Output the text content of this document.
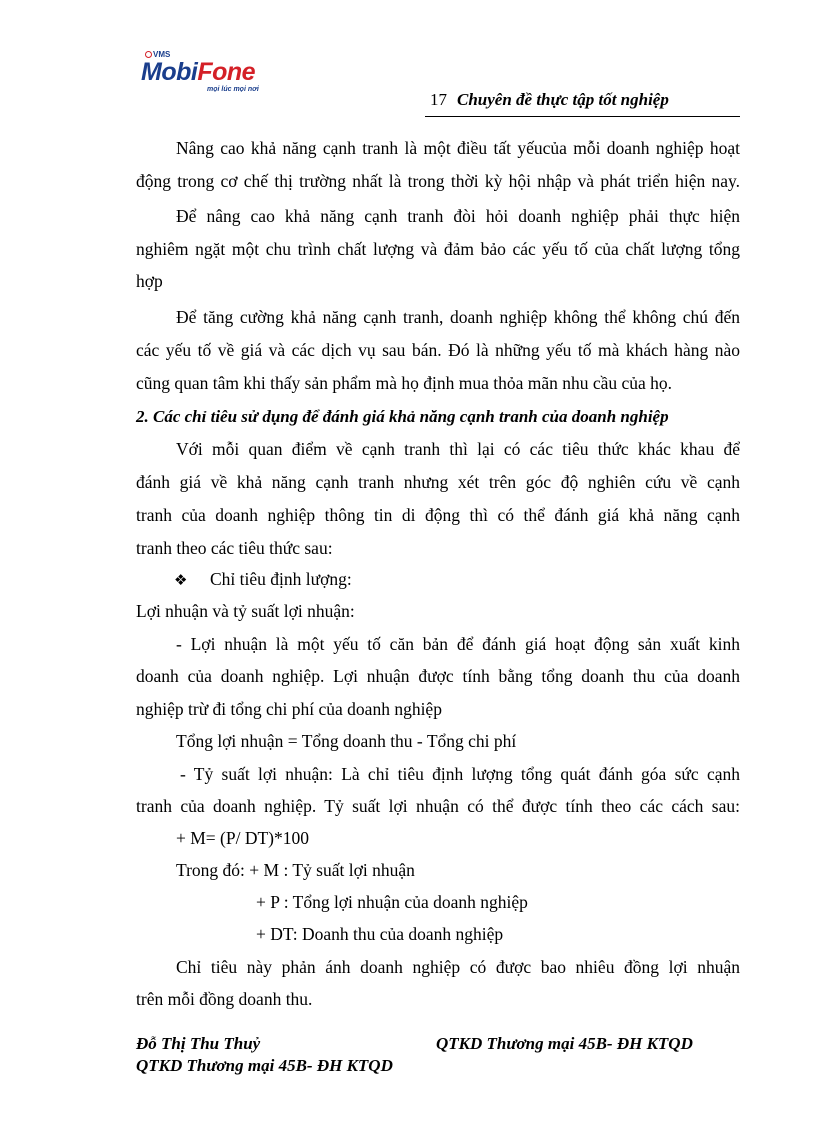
VMS
MobiFone
mọi lúc mọi nơi
17 Chuyên đề thực tập tốt nghiệp
Nâng cao khả năng cạnh tranh là một điều tất yếucủa mỗi doanh nghiệp hoạt
động trong cơ chế thị trường nhất là trong thời kỳ hội nhập và phát triển hiện nay.
Để nâng cao khả năng cạnh tranh đòi hỏi doanh nghiệp phải thực hiện
nghiêm ngặt một chu trình chất lượng và đảm bảo các yếu tố của chất lượng tổng
hợp
Để tăng cường khả năng cạnh tranh, doanh nghiệp không thể không chú đến
các yếu tố về giá và các dịch vụ sau bán. Đó là những yếu tố mà khách hàng nào
cũng quan tâm khi thấy sản phẩm mà họ định mua thỏa mãn nhu cầu của họ.
2. Các chỉ tiêu sử dụng để đánh giá khả năng cạnh tranh của doanh nghiệp
Với mỗi quan điểm về cạnh tranh thì lại có các tiêu thức khác khau để
đánh giá về khả năng cạnh tranh nhưng xét trên góc độ nghiên cứu về cạnh
tranh của doanh nghiệp thông tin di động thì có thể đánh giá khả năng cạnh
tranh theo các tiêu thức sau:
❖ Chỉ tiêu định lượng:
Lợi nhuận và tỷ suất lợi nhuận:
- Lợi nhuận là một yếu tố căn bản để đánh giá hoạt động sản xuất kinh
doanh của doanh nghiệp. Lợi nhuận được tính bằng tổng doanh thu của doanh
nghiệp trừ đi tổng chi phí của doanh nghiệp
Tổng lợi nhuận = Tổng doanh thu - Tổng chi phí
- Tỷ suất lợi nhuận: Là chỉ tiêu định lượng tổng quát đánh góa sức cạnh
tranh của doanh nghiệp. Tỷ suất lợi nhuận có thể được tính theo các cách sau:
+ M= (P/ DT)*100
Trong đó: + M : Tỷ suất lợi nhuận
+ P : Tổng lợi nhuận của doanh nghiệp
+ DT: Doanh thu của doanh nghiệp
Chỉ tiêu này phản ánh doanh nghiệp có được bao nhiêu đồng lợi nhuận
trên mỗi đồng doanh thu.
Đỗ Thị Thu Thuỷ	QTKD Thương mại 45B- ĐH KTQD
QTKD Thương mại 45B- ĐH KTQD
